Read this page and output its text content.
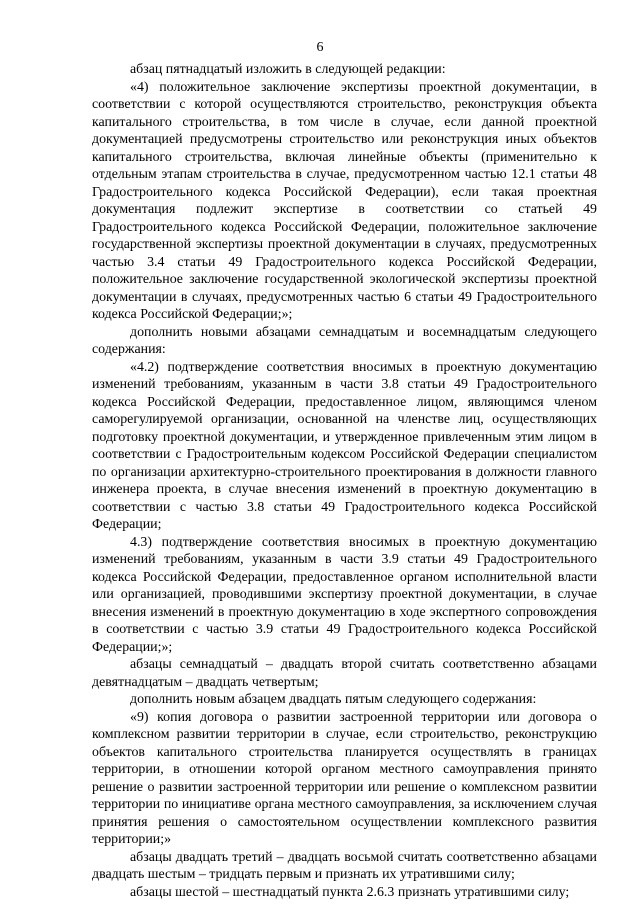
6

абзац пятнадцатый изложить в следующей редакции:

«4) положительное заключение экспертизы проектной документации, в соответствии с которой осуществляются строительство, реконструкция объекта капитального строительства, в том числе в случае, если данной проектной документацией предусмотрены строительство или реконструкция иных объектов капитального строительства, включая линейные объекты (применительно к отдельным этапам строительства в случае, предусмотренном частью 12.1 статьи 48 Градостроительного кодекса Российской Федерации), если такая проектная документация подлежит экспертизе в соответствии со статьей 49 Градостроительного кодекса Российской Федерации, положительное заключение государственной экспертизы проектной документации в случаях, предусмотренных частью 3.4 статьи 49 Градостроительного кодекса Российской Федерации, положительное заключение государственной экологической экспертизы проектной документации в случаях, предусмотренных частью 6 статьи 49 Градостроительного кодекса Российской Федерации;»;

дополнить новыми абзацами семнадцатым и восемнадцатым следующего содержания:

«4.2) подтверждение соответствия вносимых в проектную документацию изменений требованиям, указанным в части 3.8 статьи 49 Градостроительного кодекса Российской Федерации, предоставленное лицом, являющимся членом саморегулируемой организации, основанной на членстве лиц, осуществляющих подготовку проектной документации, и утвержденное привлеченным этим лицом в соответствии с Градостроительным кодексом Российской Федерации специалистом по организации архитектурно-строительного проектирования в должности главного инженера проекта, в случае внесения изменений в проектную документацию в соответствии с частью 3.8 статьи 49 Градостроительного кодекса Российской Федерации;

4.3) подтверждение соответствия вносимых в проектную документацию изменений требованиям, указанным в части 3.9 статьи 49 Градостроительного кодекса Российской Федерации, предоставленное органом исполнительной власти или организацией, проводившими экспертизу проектной документации, в случае внесения изменений в проектную документацию в ходе экспертного сопровождения в соответствии с частью 3.9 статьи 49 Градостроительного кодекса Российской Федерации;»;

абзацы семнадцатый – двадцать второй считать соответственно абзацами девятнадцатым – двадцать четвертым;

дополнить новым абзацем двадцать пятым следующего содержания:

«9) копия договора о развитии застроенной территории или договора о комплексном развитии территории в случае, если строительство, реконструкцию объектов капитального строительства планируется осуществлять в границах территории, в отношении которой органом местного самоуправления принято решение о развитии застроенной территории или решение о комплексном развитии территории по инициативе органа местного самоуправления, за исключением случая принятия решения о самостоятельном осуществлении комплексного развития территории;»

абзацы двадцать третий – двадцать восьмой считать соответственно абзацами двадцать шестым – тридцать первым и признать их утратившими силу;

абзацы шестой – шестнадцатый пункта 2.6.3 признать утратившими силу;
